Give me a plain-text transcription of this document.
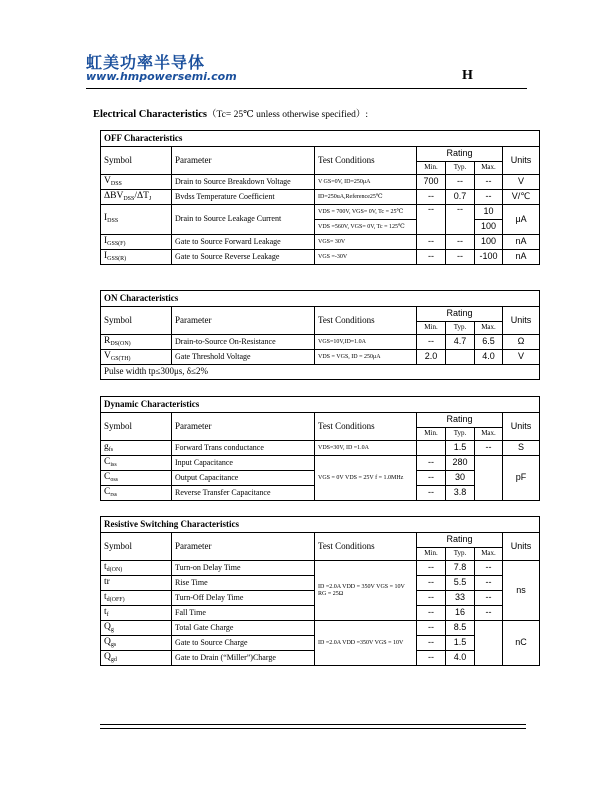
虹美功率半导体
www.hmpowersemi.com	H
Electrical Characteristics（Tc= 25℃ unless otherwise specified）:
OFF Characteristics						
Symbol	Parameter	Test Conditions	Rating			Units
			Min.	Typ.	Max.	
$V_{DSS}$	Drain to Source Breakdown Voltage	V GS=0V, ID=250μA	700	--	--	V
$\Delta BV_{DSS}/\Delta T_J$	Bvdss Temperature Coefficient	ID=250uA,Reference25℃	--	0.7	--	V/℃
$I_{DSS}$	Drain to Source Leakage Current	VDS = 700V, VGS= 0V, Tc = 25℃	--	--	10	μA
		VDS =560V, VGS= 0V, Tc = 125℃			100	
$I_{GSS(F)}$	Gate to Source Forward Leakage	VGS= 30V	--	--	100	nA
$I_{GSS(R)}$	Gate to Source Reverse Leakage	VGS =-30V	--	--	-100	nA
ON Characteristics						
Symbol	Parameter	Test Conditions	Rating			Units
			Min.	Typ.	Max.	
$R_{DS(ON)}$	Drain-to-Source On-Resistance	VGS=10V,ID=1.0A	--	4.7	6.5	Ω
$V_{GS(TH)}$	Gate Threshold Voltage	VDS = VGS, ID = 250μA	2.0		4.0	V
Pulse width tp≤300μs, δ≤2%						
Dynamic Characteristics						
Symbol	Parameter	Test Conditions	Rating			Units
			Min.	Typ.	Max.	
$g_{fs}$	Forward Trans conductance	VDS=30V, ID =1.0A		1.5	--	S
$C_{iss}$	Input Capacitance	VGS = 0V VDS = 25V f = 1.0MHz	--	280		pF
$C_{oss}$	Output Capacitance		--	30		
$C_{rss}$	Reverse Transfer Capacitance		--	3.8		
Resistive Switching Characteristics						
Symbol	Parameter	Test Conditions	Rating			Units
			Min.	Typ.	Max.	
$t_{d(ON)}$	Turn-on Delay Time	ID =2.0A VDD = 350V VGS = 10V RG = 25Ω	--	7.8	--	ns
tr	Rise Time		--	5.5	--	
$t_{d(OFF)}$	Turn-Off Delay Time		--	33	--	
$t_f$	Fall Time		--	16	--	
$Q_g$	Total Gate Charge	ID =2.0A VDD =350V VGS = 10V	--	8.5		nC
$Q_{gs}$	Gate to Source Charge		--	1.5		
$Q_{gd}$	Gate to Drain (“Miller”)Charge		--	4.0		
